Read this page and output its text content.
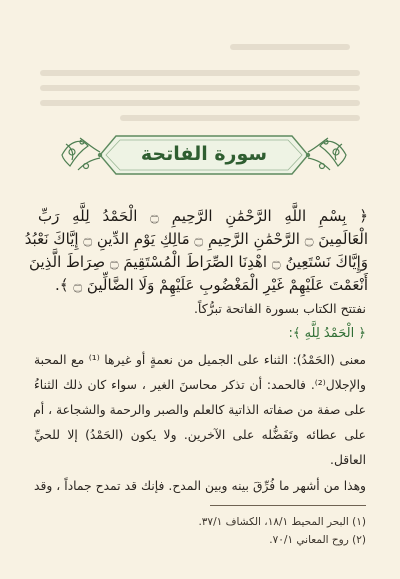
سورة الفاتحة
﴿ بِسْمِ اللَّهِ الرَّحْمَٰنِ الرَّحِيمِ ۝ الْحَمْدُ لِلَّهِ رَبِّ
الْعَالَمِينَ ۝ الرَّحْمَٰنِ الرَّحِيمِ ۝ مَالِكِ يَوْمِ الدِّينِ ۝ إِيَّاكَ نَعْبُدُ
وَإِيَّاكَ نَسْتَعِينُ ۝ اهْدِنَا الصِّرَاطَ الْمُسْتَقِيمَ ۝ صِرَاطَ الَّذِينَ
أَنْعَمْتَ عَلَيْهِمْ غَيْرِ الْمَغْضُوبِ عَلَيْهِمْ وَلَا الضَّالِّينَ ۝ ﴾.
نفتتح الكتاب بسورة الفاتحة تبرُّكاً.
﴿ الْحَمْدُ لِلَّهِ ﴾:
معنى (الحَمْدُ): الثناء على الجميل من نعمةٍ أو غيرها ⁽¹⁾ مع المحبة
والإجلال⁽²⁾. فالحمد: أن تذكر محاسنَ الغير ، سواء كان ذلك الثناءُ
على صفة من صفاته الذاتية كالعلم والصبر والرحمة والشجاعة ، أم
على عطائه وتَفَضُّله على الآخرين. ولا يكون (الحَمْدُ) إلا للحيِّ
العاقل.
وهذا من أشهر ما فُرِّقَ بينه وبين المدح. فإنك قد تمدح جماداً ، وقد
(١) البحر المحيط ١٨/١، الكشاف ٣٧/١.
(٢) روح المعاني ٧٠/١.
